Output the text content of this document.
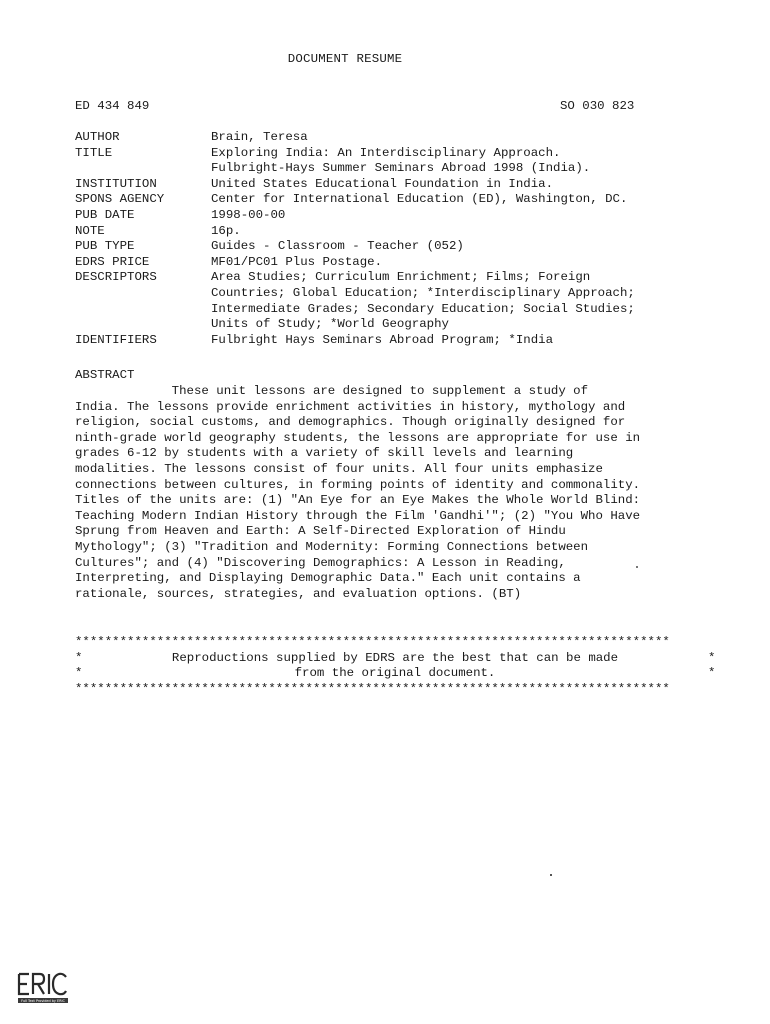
DOCUMENT RESUME
ED 434 849	SO 030 823
AUTHOR	Brain, Teresa
TITLE	Exploring India: An Interdisciplinary Approach.
Fulbright-Hays Summer Seminars Abroad 1998 (India).
INSTITUTION	United States Educational Foundation in India.
SPONS AGENCY	Center for International Education (ED), Washington, DC.
PUB DATE	1998-00-00
NOTE	16p.
PUB TYPE	Guides - Classroom - Teacher (052)
EDRS PRICE	MF01/PC01 Plus Postage.
DESCRIPTORS	Area Studies; Curriculum Enrichment; Films; Foreign
Countries; Global Education; *Interdisciplinary Approach;
Intermediate Grades; Secondary Education; Social Studies;
Units of Study; *World Geography
IDENTIFIERS	Fulbright Hays Seminars Abroad Program; *India
ABSTRACT
These unit lessons are designed to supplement a study of
India. The lessons provide enrichment activities in history, mythology and
religion, social customs, and demographics. Though originally designed for
ninth-grade world geography students, the lessons are appropriate for use in
grades 6-12 by students with a variety of skill levels and learning
modalities. The lessons consist of four units. All four units emphasize
connections between cultures, in forming points of identity and commonality.
Titles of the units are: (1) "An Eye for an Eye Makes the Whole World Blind:
Teaching Modern Indian History through the Film 'Gandhi'"; (2) "You Who Have
Sprung from Heaven and Earth: A Self-Directed Exploration of Hindu
Mythology"; (3) "Tradition and Modernity: Forming Connections between
Cultures"; and (4) "Discovering Demographics: A Lesson in Reading,
Interpreting, and Displaying Demographic Data." Each unit contains a
rationale, sources, strategies, and evaluation options. (BT)
********************************************************************************

*

	Reproductions supplied by EDRS are the best that can be made

	*

*

	from the original document.

	*

********************************************************************************
Full Text Provided by ERIC
